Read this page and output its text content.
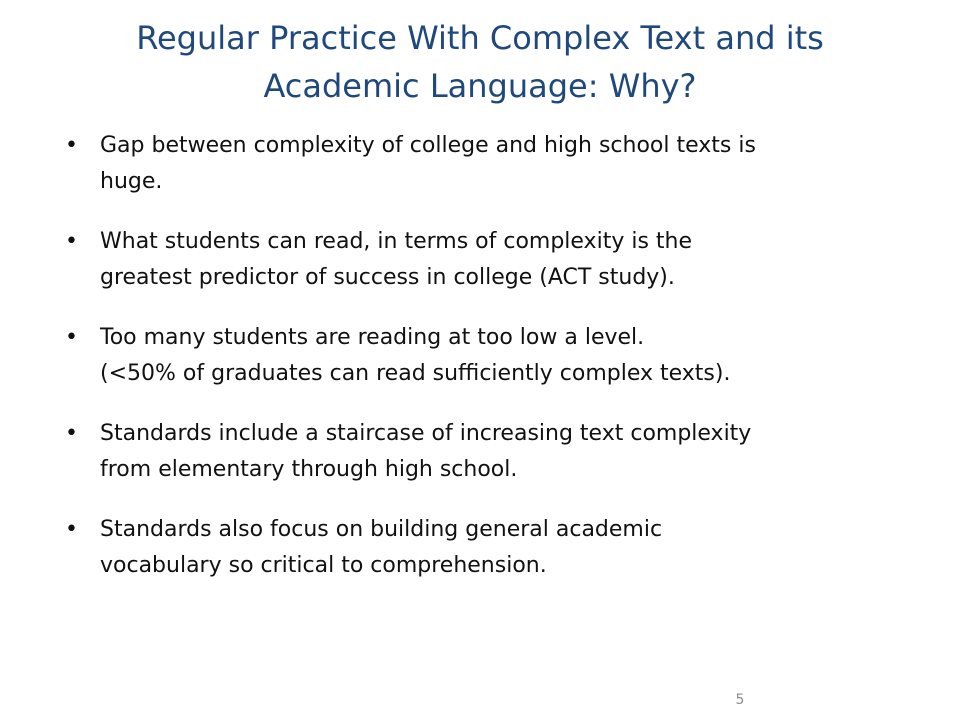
Regular Practice With Complex Text and its
Academic Language: Why?
• Gap between complexity of college and high school texts is
huge.
• What students can read, in terms of complexity is the
greatest predictor of success in college (ACT study).
• Too many students are reading at too low a level.
(<50% of graduates can read sufficiently complex texts).
• Standards include a staircase of increasing text complexity
from elementary through high school.
• Standards also focus on building general academic
vocabulary so critical to comprehension.
5
